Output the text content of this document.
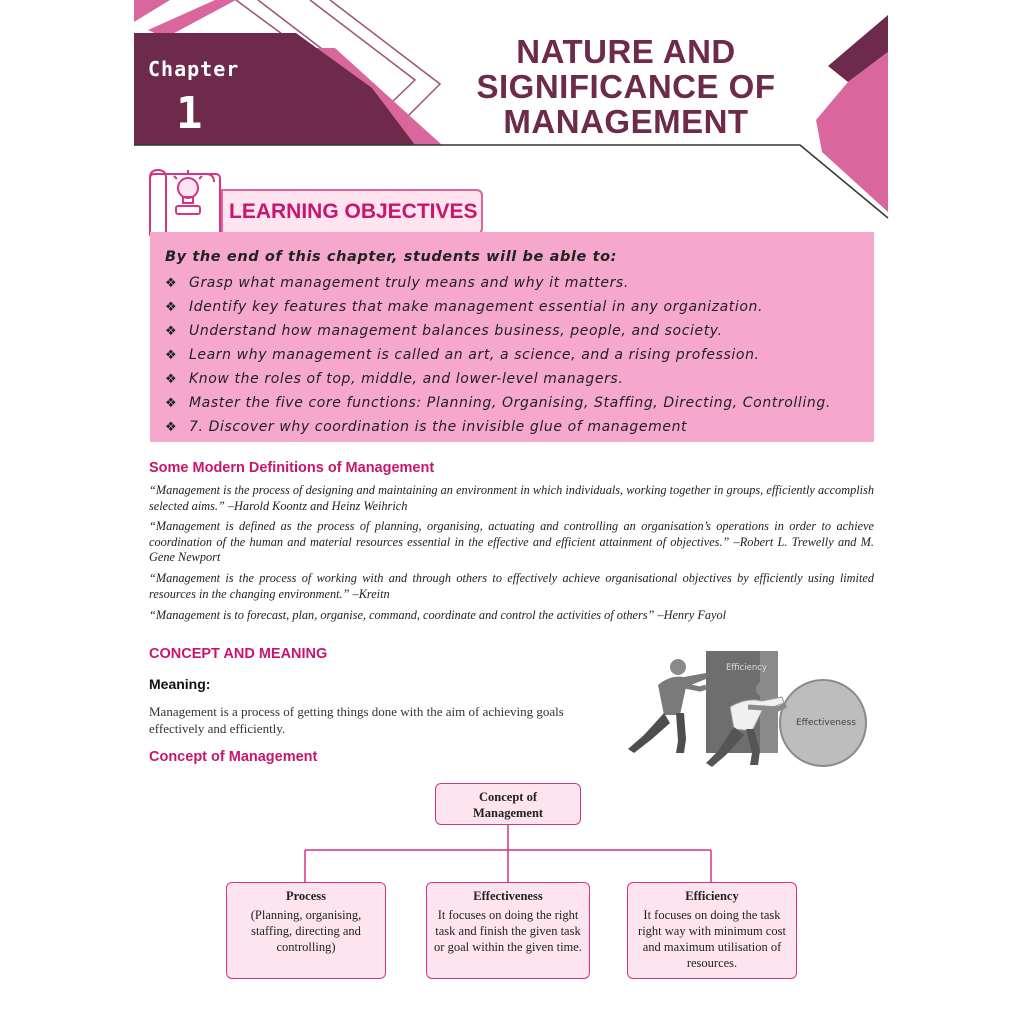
Chapter
1
NATURE AND
SIGNIFICANCE OF
MANAGEMENT
LEARNING OBJECTIVES
By the end of this chapter, students will be able to:
❖ Grasp what management truly means and why it matters.
❖ Identify key features that make management essential in any organization.
❖ Understand how management balances business, people, and society.
❖ Learn why management is called an art, a science, and a rising profession.
❖ Know the roles of top, middle, and lower-level managers.
❖ Master the five core functions: Planning, Organising, Staffing, Directing, Controlling.
❖ 7. Discover why coordination is the invisible glue of management
Some Modern Definitions of Management
“Management is the process of designing and maintaining an environment in which individuals, working together in groups, efficiently accomplish selected aims.” –Harold Koontz and Heinz Weihrich
“Management is defined as the process of planning, organising, actuating and controlling an organisation’s operations in order to achieve coordination of the human and material resources essential in the effective and efficient attainment of objectives.” –Robert L. Trewelly and M. Gene Newport
“Management is the process of working with and through others to effectively achieve organisational objectives by efficiently using limited resources in the changing environment.” –Kreitn
“Management is to forecast, plan, organise, command, coordinate and control the activities of others” –Henry Fayol
CONCEPT AND MEANING
Meaning:
Management is a process of getting things done with the aim of achieving goals effectively and efficiently.
Concept of Management
Efficiency
Effectiveness
Concept of
Management
Process
(Planning, organising, staffing, directing and controlling)
Effectiveness
It focuses on doing the right task and finish the given task or goal within the given time.
Efficiency
It focuses on doing the task right way with minimum cost and maximum utilisation of resources.
